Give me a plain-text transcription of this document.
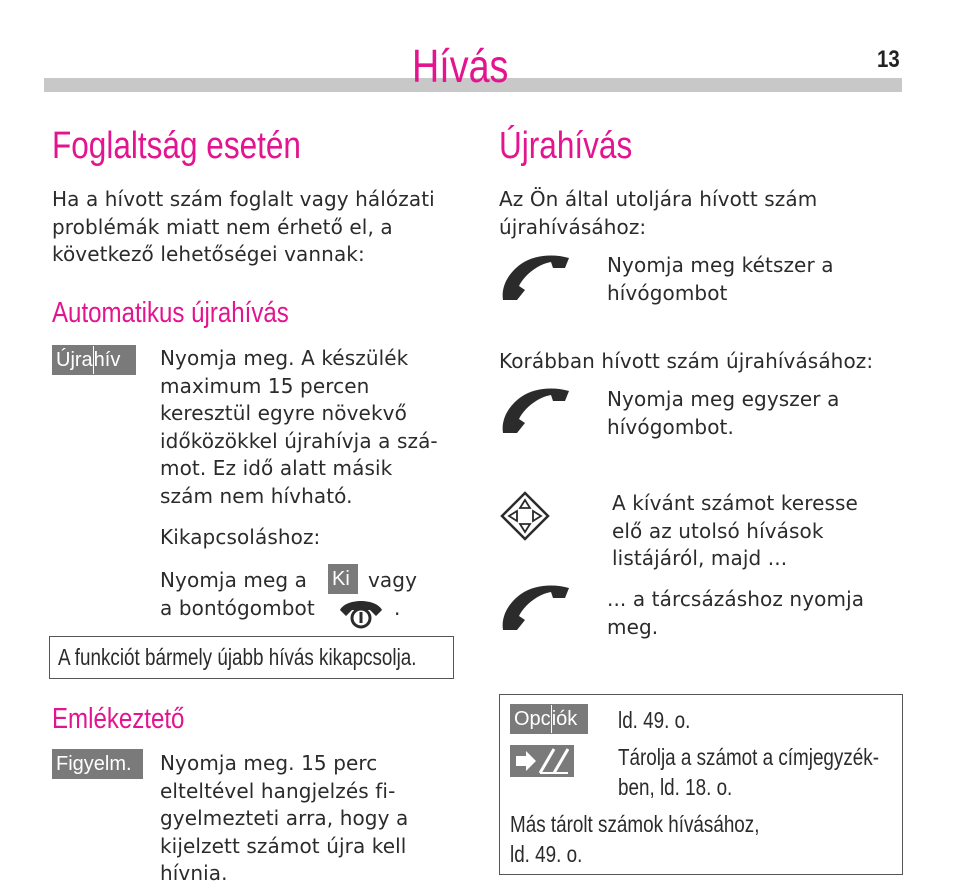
Hívás	13
Foglaltság esetén
Ha a hívott szám foglalt vagy hálózati
problémák miatt nem érhető el, a
következő lehetőségei vannak:
Automatikus újrahívás
Újrahív	Nyomja meg. A készülék
maximum 15 percen
keresztül egyre növekvő
időközökkel újrahívja a szá-
mot. Ez idő alatt másik
szám nem hívható.
Kikapcsoláshoz:
Nyomja meg a Ki vagy
a bontógombot	.
A funkciót bármely újabb hívás kikapcsolja.
Emlékeztető
Figyelm.	Nyomja meg. 15 perc
elteltével hangjelzés fi-
gyelmezteti arra, hogy a
kijelzett számot újra kell
hívnia.
Újrahívás
Az Ön által utoljára hívott szám
újrahívásához:
Nyomja meg kétszer a
hívógombot
Korábban hívott szám újrahívásához:
Nyomja meg egyszer a
hívógombot.
A kívánt számot keresse
elő az utolsó hívások
listájáról, majd ...
... a tárcsázáshoz nyomja
meg.
Opciók	ld. 49. o.
Tárolja a számot a címjegyzék-
ben, ld. 18. o.
Más tárolt számok hívásához,
ld. 49. o.
